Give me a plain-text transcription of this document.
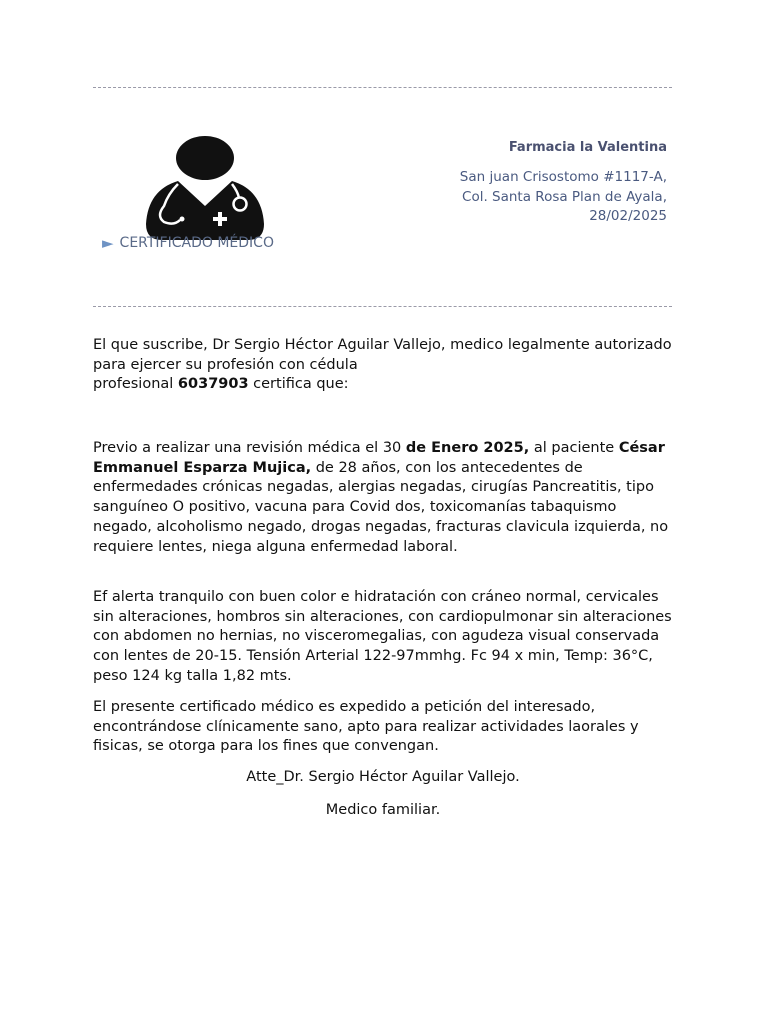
► CERTIFICADO MÉDICO
Farmacia la Valentina
San juan Crisostomo #1117-A,
Col. Santa Rosa Plan de Ayala,
28/02/2025

El que suscribe, Dr Sergio Héctor Aguilar Vallejo, medico legalmente autorizado para ejercer su profesión con cédula
profesional 6037903 certifica que:

Previo a realizar una revisión médica el 30 de Enero 2025, al paciente César Emmanuel Esparza Mujica, de 28 años, con los antecedentes de enfermedades crónicas negadas, alergias negadas, cirugías Pancreatitis, tipo sanguíneo O positivo, vacuna para Covid dos, toxicomanías tabaquismo negado, alcoholismo negado, drogas negadas, fracturas clavicula izquierda, no requiere lentes, niega alguna enfermedad laboral.

Ef alerta tranquilo con buen color e hidratación con cráneo normal, cervicales sin alteraciones, hombros sin alteraciones, con cardiopulmonar sin alteraciones con abdomen no hernias, no visceromegalias, con agudeza visual conservada con lentes de 20-15. Tensión Arterial 122-97mmhg. Fc 94 x min, Temp: 36°C, peso 124 kg talla 1,82 mts.

El presente certificado médico es expedido a petición del interesado, encontrándose clínicamente sano, apto para realizar actividades laorales y fisicas, se otorga para los fines que convengan.

Atte_Dr. Sergio Héctor Aguilar Vallejo.
Medico familiar.
